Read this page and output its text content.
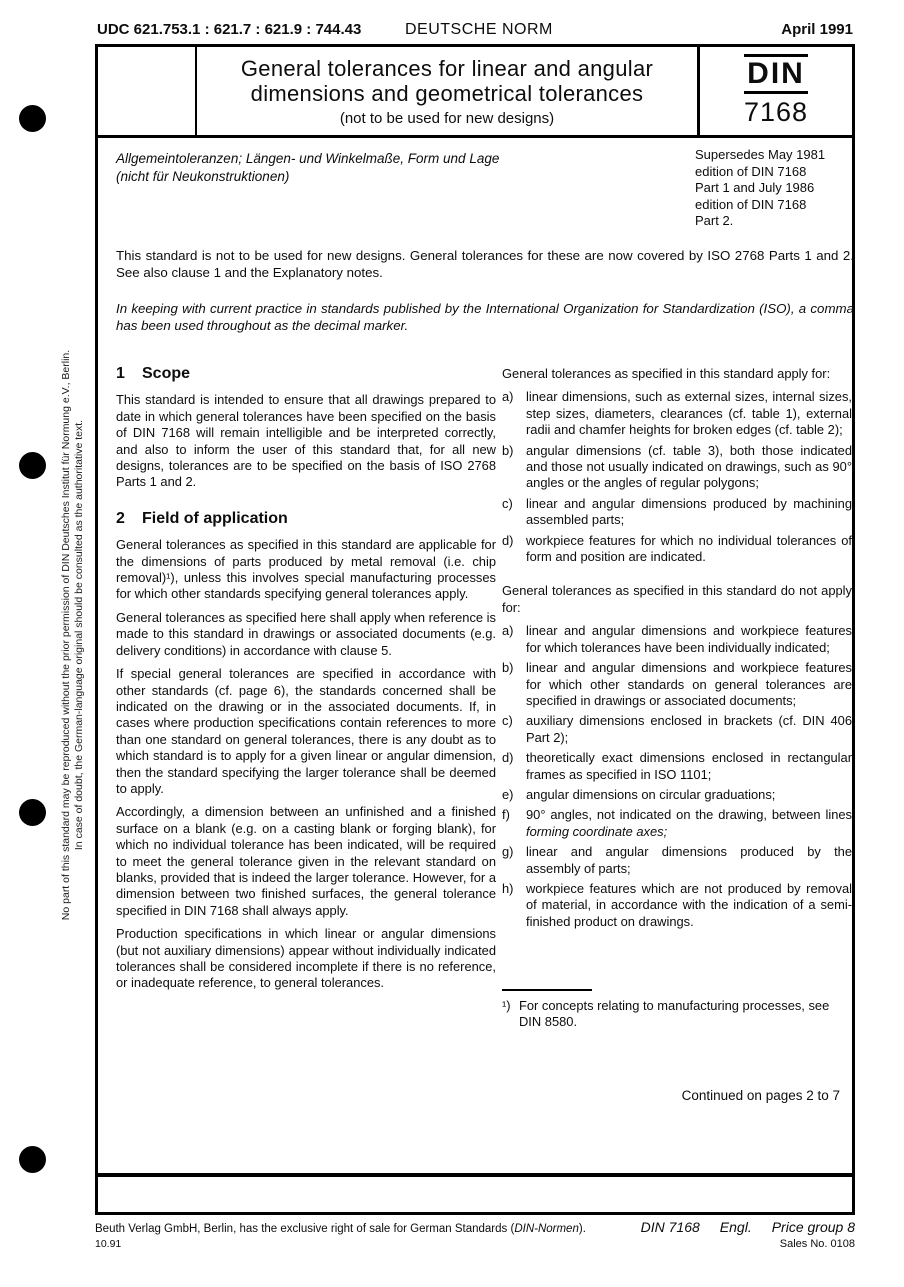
No part of this standard may be reproduced without the prior permission of DIN Deutsches Institut für Normung e.V., Berlin. In case of doubt, the German-language original should be consulted as the authoritative text.
UDC 621.753.1 : 621.7 : 621.9 : 744.43	DEUTSCHE NORM	April 1991
General tolerances for linear and angular
dimensions and geometrical tolerances
(not to be used for new designs)
DIN
7168
Allgemeintoleranzen; Längen- und Winkelmaße, Form und Lage
(nicht für Neukonstruktionen)
Supersedes May 1981
edition of DIN 7168
Part 1 and July 1986
edition of DIN 7168
Part 2.
This standard is not to be used for new designs. General tolerances for these are now covered by ISO 2768 Parts 1 and 2. See also clause 1 and the Explanatory notes.
In keeping with current practice in standards published by the International Organization for Standardization (ISO), a comma has been used throughout as the decimal marker.
1 Scope

This standard is intended to ensure that all drawings prepared to date in which general tolerances have been specified on the basis of DIN 7168 will remain intelligible and be interpreted correctly, and also to inform the user of this standard that, for all new designs, tolerances are to be specified on the basis of ISO 2768 Parts 1 and 2.

2 Field of application

General tolerances as specified in this standard are applicable for the dimensions of parts produced by metal removal (i.e. chip removal)¹), unless this involves special manufacturing processes for which other standards specifying general tolerances apply.

General tolerances as specified here shall apply when reference is made to this standard in drawings or associated documents (e.g. delivery conditions) in accordance with clause 5.

If special general tolerances are specified in accordance with other standards (cf. page 6), the standards concerned shall be indicated on the drawing or in the associated documents. If, in cases where production specifications contain references to more than one standard on general tolerances, there is any doubt as to which standard is to apply for a given linear or angular dimension, then the standard specifying the larger tolerance shall be deemed to apply.

Accordingly, a dimension between an unfinished and a finished surface on a blank (e.g. on a casting blank or forging blank), for which no individual tolerance has been indicated, will be required to meet the general tolerance given in the relevant standard on blanks, provided that is indeed the larger tolerance. However, for a dimension between two finished surfaces, the general tolerance specified in DIN 7168 shall always apply.

Production specifications in which linear or angular dimensions (but not auxiliary dimensions) appear without individually indicated tolerances shall be considered incomplete if there is no reference, or inadequate reference, to general tolerances.

General tolerances as specified in this standard apply for:

a) linear dimensions, such as external sizes, internal sizes, step sizes, diameters, clearances (cf. table 1), external radii and chamfer heights for broken edges (cf. table 2);
b) angular dimensions (cf. table 3), both those indicated and those not usually indicated on drawings, such as 90° angles or the angles of regular polygons;
c)	linear and angular dimensions produced by machining assembled parts;
d) workpiece features for which no individual tolerances of form and position are indicated.

General tolerances as specified in this standard do not apply for:

a) linear and angular dimensions and workpiece features for which tolerances have been individually indicated;
b) linear and angular dimensions and workpiece features for which other standards on general tolerances are specified in drawings or associated documents;
c)	auxiliary dimensions enclosed in brackets (cf. DIN 406 Part 2);
d) theoretically exact dimensions enclosed in rectangular frames as specified in ISO 1101;
e) angular dimensions on circular graduations;
f)	90° angles, not indicated on the drawing, between lines forming coordinate axes;
g) linear and angular dimensions produced by the assembly of parts;
h) workpiece features which are not produced by removal of material, in accordance with the indication of a semi-finished product on drawings.
¹) For concepts relating to manufacturing processes, see DIN 8580.
Continued on pages 2 to 7
Beuth Verlag GmbH, Berlin, has the exclusive right of sale for German Standards (DIN-Normen).	DIN 7168 Engl. Price group 8
10.91	Sales No. 0108
